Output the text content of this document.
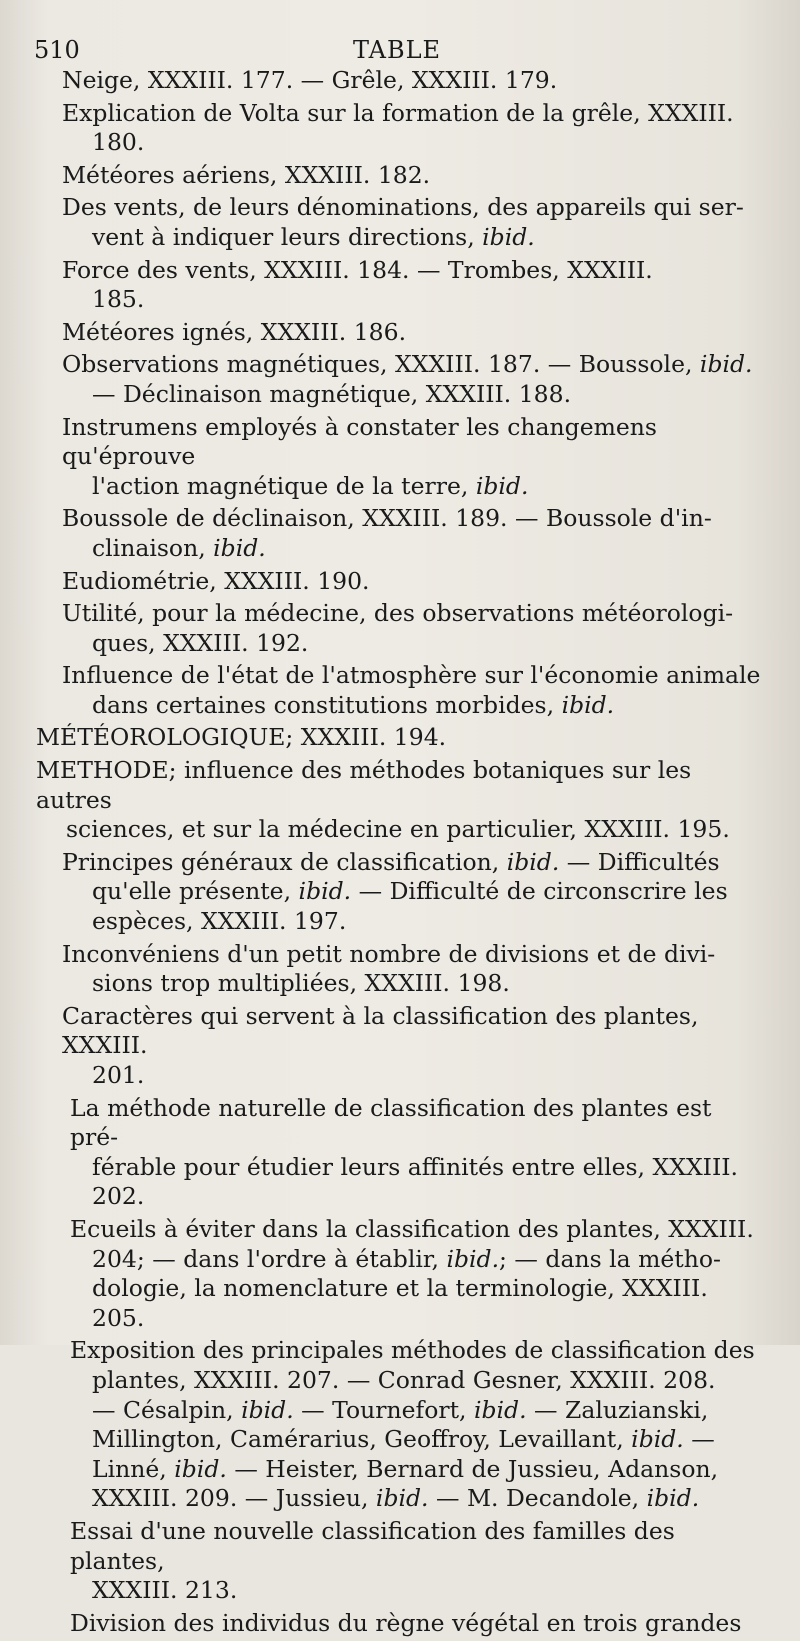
510	TABLE

Neige, XXXIII. 177. — Grêle, XXXIII. 179.

Explication de Volta sur la formation de la grêle, XXXIII.

180.

Météores aériens, XXXIII. 182.

Des vents, de leurs dénominations, des appareils qui ser-

vent à indiquer leurs directions, ibid.

Force des vents, XXXIII. 184. — Trombes, XXXIII.

185.

Météores ignés, XXXIII. 186.

Observations magnétiques, XXXIII. 187. — Boussole, ibid.

— Déclinaison magnétique, XXXIII. 188.

Instrumens employés à constater les changemens qu'éprouve

l'action magnétique de la terre, ibid.

Boussole de déclinaison, XXXIII. 189. — Boussole d'in-

clinaison, ibid.

Eudiométrie, XXXIII. 190.

Utilité, pour la médecine, des observations météorologi-

ques, XXXIII. 192.

Influence de l'état de l'atmosphère sur l'économie animale

dans certaines constitutions morbides, ibid.

MÉTÉOROLOGIQUE; XXXIII. 194.

METHODE; influence des méthodes botaniques sur les autres

sciences, et sur la médecine en particulier, XXXIII. 195.

Principes généraux de classification, ibid. — Difficultés

qu'elle présente, ibid. — Difficulté de circonscrire les

espèces, XXXIII. 197.

Inconvéniens d'un petit nombre de divisions et de divi-

sions trop multipliées, XXXIII. 198.

Caractères qui servent à la classification des plantes, XXXIII.

201.

La méthode naturelle de classification des plantes est pré-

férable pour étudier leurs affinités entre elles, XXXIII.

202.

Ecueils à éviter dans la classification des plantes, XXXIII.

204; — dans l'ordre à établir, ibid.; — dans la métho-

dologie, la nomenclature et la terminologie, XXXIII.

205.

Exposition des principales méthodes de classification des

plantes, XXXIII. 207. — Conrad Gesner, XXXIII. 208.

— Césalpin, ibid. — Tournefort, ibid. — Zaluzianski,

Millington, Camérarius, Geoffroy, Levaillant, ibid. —

Linné, ibid. — Heister, Bernard de Jussieu, Adanson,

XXXIII. 209. — Jussieu, ibid. — M. Decandole, ibid.

Essai d'une nouvelle classification des familles des plantes,

XXXIII. 213.

Division des individus du règne végétal en trois grandes
